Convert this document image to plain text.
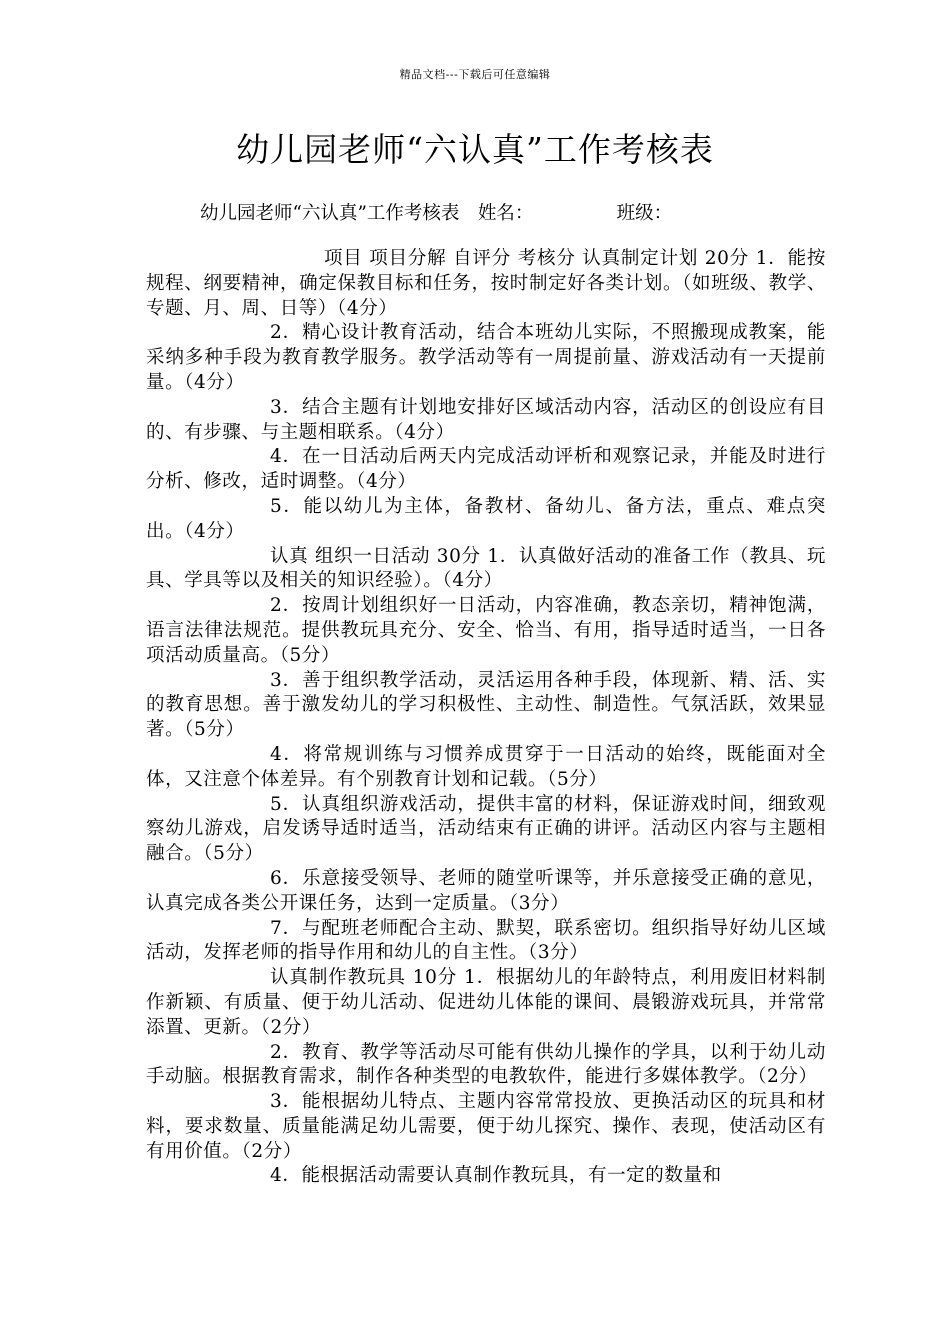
精品文档---下载后可任意编辑
幼儿园老师“六认真”工作考核表
幼儿园老师“六认真”工作考核表　姓名：　　　　　班级：

项目 项目分解 自评分 考核分 认真制定计划 20分 1．能按规程、纲要精神，确定保教目标和任务，按时制定好各类计划。（如班级、教学、专题、月、周、日等）（4分）

2．精心设计教育活动，结合本班幼儿实际，不照搬现成教案，能采纳多种手段为教育教学服务。教学活动等有一周提前量、游戏活动有一天提前量。（4分）

3．结合主题有计划地安排好区域活动内容，活动区的创设应有目的、有步骤、与主题相联系。（4分）

4．在一日活动后两天内完成活动评析和观察记录，并能及时进行分析、修改，适时调整。（4分）

5．能以幼儿为主体，备教材、备幼儿、备方法，重点、难点突出。（4分）

认真 组织一日活动 30分 1．认真做好活动的准备工作（教具、玩具、学具等以及相关的知识经验）。（4分）

2．按周计划组织好一日活动，内容准确，教态亲切，精神饱满，语言法律法规范。提供教玩具充分、安全、恰当、有用，指导适时适当，一日各项活动质量高。（5分）

3．善于组织教学活动，灵活运用各种手段，体现新、精、活、实的教育思想。善于激发幼儿的学习积极性、主动性、制造性。气氛活跃，效果显著。（5分）

4．将常规训练与习惯养成贯穿于一日活动的始终，既能面对全体，又注意个体差异。有个别教育计划和记载。（5分）

5．认真组织游戏活动，提供丰富的材料，保证游戏时间，细致观察幼儿游戏，启发诱导适时适当，活动结束有正确的讲评。活动区内容与主题相融合。（5分）

6．乐意接受领导、老师的随堂听课等，并乐意接受正确的意见，认真完成各类公开课任务，达到一定质量。（3分）

7．与配班老师配合主动、默契，联系密切。组织指导好幼儿区域活动，发挥老师的指导作用和幼儿的自主性。（3分）

认真制作教玩具 10分 1．根据幼儿的年龄特点，利用废旧材料制作新颖、有质量、便于幼儿活动、促进幼儿体能的课间、晨锻游戏玩具，并常常添置、更新。（2分）

2．教育、教学等活动尽可能有供幼儿操作的学具，以利于幼儿动手动脑。根据教育需求，制作各种类型的电教软件，能进行多媒体教学。（2分）

3．能根据幼儿特点、主题内容常常投放、更换活动区的玩具和材料，要求数量、质量能满足幼儿需要，便于幼儿探究、操作、表现，使活动区有有用价值。（2分）

4．能根据活动需要认真制作教玩具，有一定的数量和
